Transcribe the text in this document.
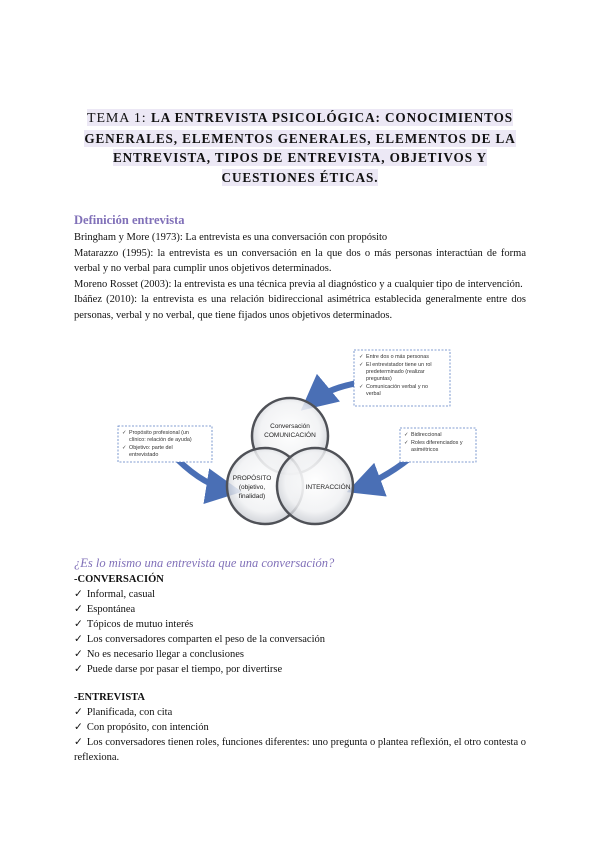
TEMA 1: LA ENTREVISTA PSICOLÓGICA: CONOCIMIENTOS GENERALES, ELEMENTOS GENERALES, ELEMENTOS DE LA ENTREVISTA, TIPOS DE ENTREVISTA, OBJETIVOS Y CUESTIONES ÉTICAS.
Definición entrevista

Bringham y More (1973): La entrevista es una conversación con propósito

Matarazzo (1995): la entrevista es un conversación en la que dos o más personas interactúan de forma verbal y no verbal para cumplir unos objetivos determinados.

Moreno Rosset (2003): la entrevista es una técnica previa al diagnóstico y a cualquier tipo de intervención.

Ibáñez (2010): la entrevista es una relación bidireccional asimétrica establecida generalmente entre dos personas, verbal y no verbal, que tiene fijados unos objetivos determinados.

Conversación
COMUNICACIÓN
PROPÓSITO
(objetivo,
finalidad)
INTERACCIÓN
✓ Entre dos o más personas
✓ El entrevistador tiene un rol
predeterminado (realizar
preguntas)
✓ Comunicación verbal y no
verbal
✓ Propósito profesional (un
clínico: relación de ayuda)
✓ Objetivo: parte del
entrevistado
✓ Bidireccional
✓ Roles diferenciados y
asimétricos
¿Es lo mismo una entrevista que una conversación?
-CONVERSACIÓN
✓ Informal, casual
✓ Espontánea
✓ Tópicos de mutuo interés
✓ Los conversadores comparten el peso de la conversación
✓ No es necesario llegar a conclusiones
✓ Puede darse por pasar el tiempo, por divertirse
-ENTREVISTA
✓ Planificada, con cita
✓ Con propósito, con intención

✓ Los conversadores tienen roles, funciones diferentes: uno pregunta o plantea reflexión, el otro contesta o reflexiona.
